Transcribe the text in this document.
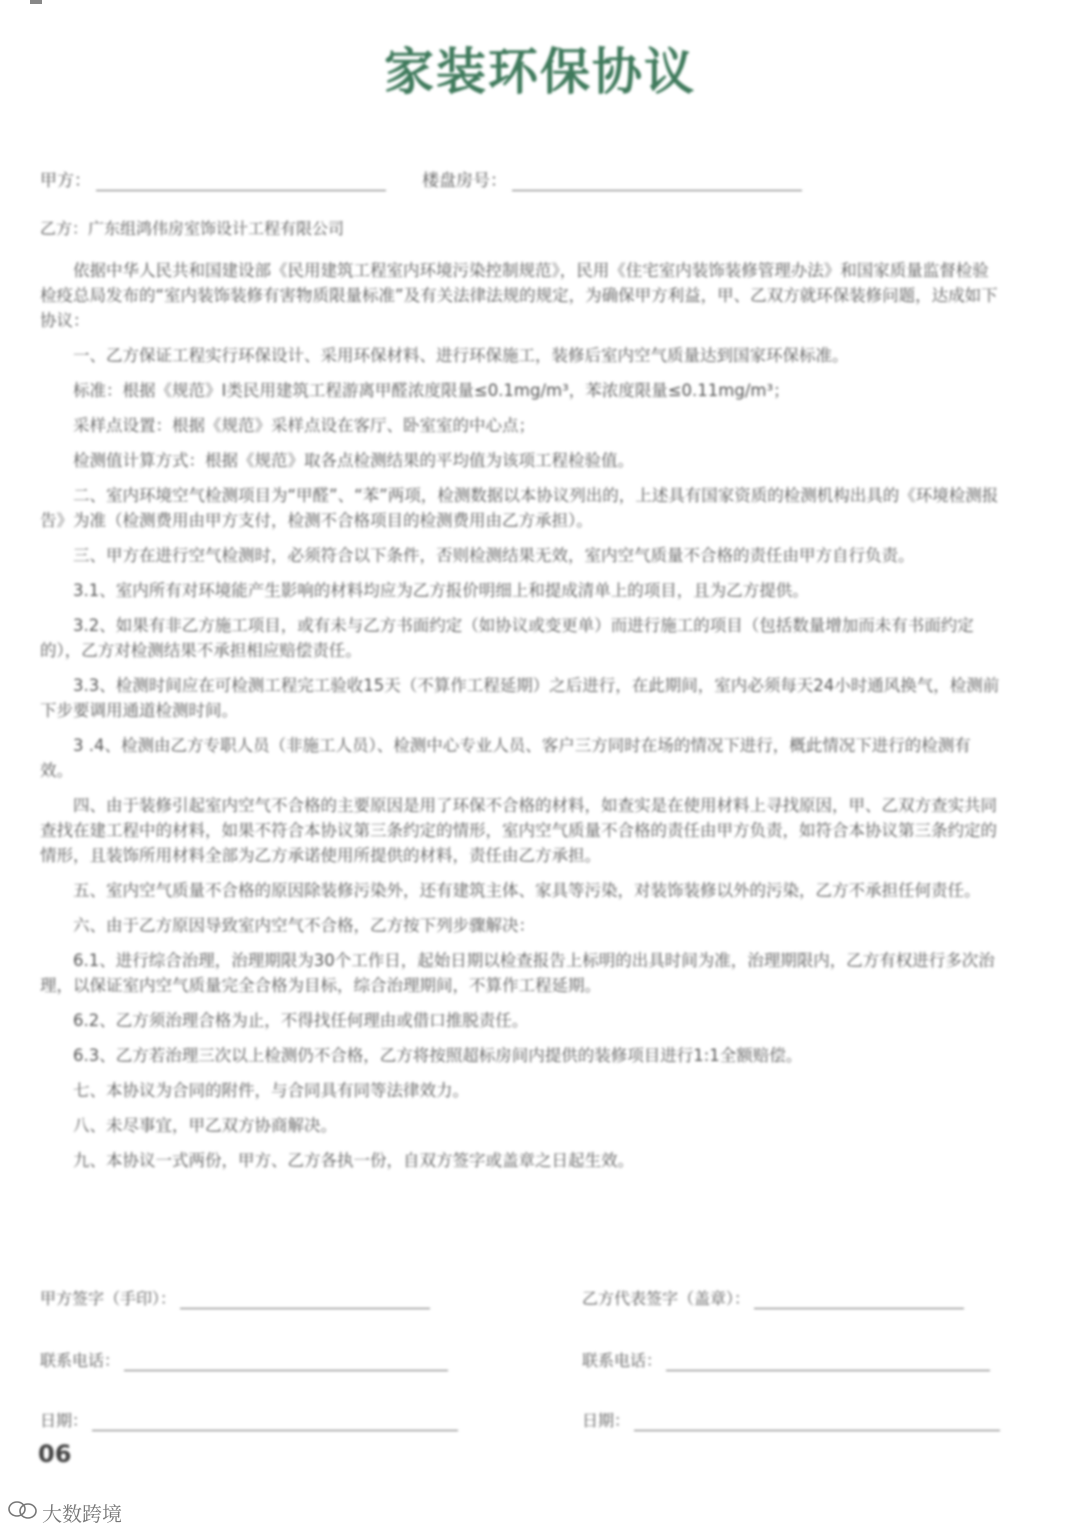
家装环保协议
甲方：	楼盘房号：
乙方：广东组鸿伟房室饰设计工程有限公司

依据中华人民共和国建设部《民用建筑工程室内环境污染控制规范》，民用《住宅室内装饰装修管理办法》和国家质量监督检验检疫总局发布的“室内装饰装修有害物质限量标准”及有关法律法规的规定，为确保甲方利益，甲、乙双方就环保装修问题，达成如下协议：

一、乙方保证工程实行环保设计、采用环保材料、进行环保施工，装修后室内空气质量达到国家环保标准。

标准：根据《规范》I类民用建筑工程游离甲醛浓度限量≤0.1mg/m³，苯浓度限量≤0.11mg/m³；

采样点设置：根据《规范》采样点设在客厅、卧室室的中心点；

检测值计算方式：根据《规范》取各点检测结果的平均值为该项工程检验值。

二、室内环境空气检测项目为“甲醛”、“苯”两项，检测数据以本协议列出的，上述具有国家资质的检测机构出具的《环境检测报告》为准（检测费用由甲方支付，检测不合格项目的检测费用由乙方承担）。

三、甲方在进行空气检测时，必须符合以下条件，否则检测结果无效，室内空气质量不合格的责任由甲方自行负责。

3.1、室内所有对环境能产生影响的材料均应为乙方报价明细上和提成清单上的项目，且为乙方提供。

3.2、如果有非乙方施工项目，或有未与乙方书面约定（如协议或变更单）而进行施工的项目（包括数量增加而未有书面约定的），乙方对检测结果不承担相应赔偿责任。

3.3、检测时间应在可检测工程完工验收15天（不算作工程延期）之后进行，在此期间，室内必须每天24小时通风换气，检测前下步要调用通道检测时间。

3 .4、检测由乙方专职人员（非施工人员）、检测中心专业人员、客户三方同时在场的情况下进行，概此情况下进行的检测有效。

四、由于装修引起室内空气不合格的主要原因是用了环保不合格的材料，如查实是在使用材料上寻找原因，甲、乙双方查实共同查找在建工程中的材料，如果不符合本协议第三条约定的情形，室内空气质量不合格的责任由甲方负责，如符合本协议第三条约定的情形，且装饰所用材料全部为乙方承诺使用所提供的材料，责任由乙方承担。

五、室内空气质量不合格的原因除装修污染外，还有建筑主体、家具等污染，对装饰装修以外的污染，乙方不承担任何责任。

六、由于乙方原因导致室内空气不合格，乙方按下列步骤解决：

6.1、进行综合治理，治理期限为30个工作日，起始日期以检查报告上标明的出具时间为准，治理期限内，乙方有权进行多次治理，以保证室内空气质量完全合格为目标，综合治理期间，不算作工程延期。

6.2、乙方须治理合格为止，不得找任何理由或借口推脱责任。

6.3、乙方若治理三次以上检测仍不合格，乙方将按照超标房间内提供的装修项目进行1:1全额赔偿。

七、本协议为合同的附件，与合同具有同等法律效力。

八、未尽事宜，甲乙双方协商解决。

九、本协议一式两份，甲方、乙方各执一份，自双方签字或盖章之日起生效。

甲方签字（手印）：	乙方代表签字（盖章）：
联系电话：	联系电话：
日期：	日期：
06
大数跨境
